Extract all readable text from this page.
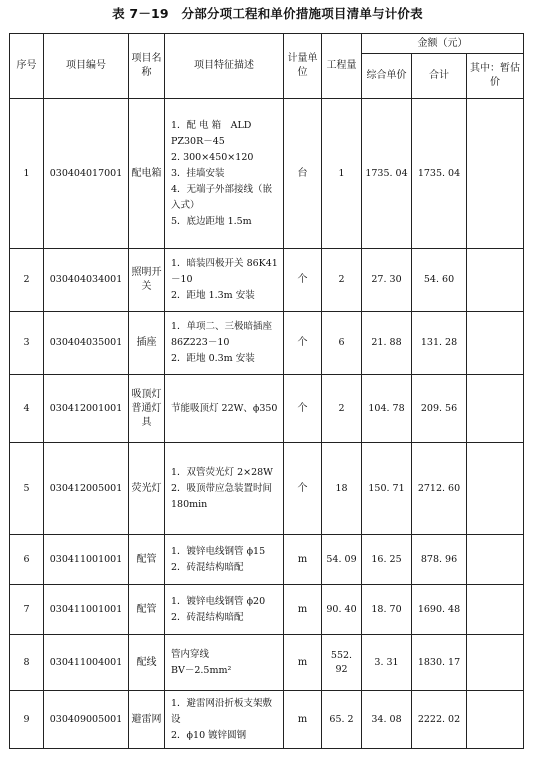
表 7－19　分部分项工程和单价措施项目清单与计价表
序号	项目编号	项目名称	项目特征描述	计量单位	工程量	金额（元）		
						综合单价	合计	其中：暂估价
1	030404017001	配电箱	1．配 电 箱　ALD PZ30R－45
2. 300×450×120
3．挂墙安装
4．无端子外部接线（嵌入式）
5．底边距地 1.5m	台	1	1735. 04	1735. 04	
2	030404034001	照明开关	1．暗装四极开关 86K41－10
2．距地 1.3m 安装	个	2	27. 30	54. 60	
3	030404035001	插座	1．单项二、三极暗插座 86Z223－10
2．距地 0.3m 安装	个	6	21. 88	131. 28	
4	030412001001	吸顶灯普通灯具	节能吸顶灯 22W、ϕ350	个	2	104. 78	209. 56	
5	030412005001	荧光灯	1．双管荧光灯 2×28W
2．吸顶带应急装置时间 180min	个	18	150. 71	2712. 60	
6	030411001001	配管	1．镀锌电线钢管 ϕ15
2．砖混结构暗配	m	54. 09	16. 25	878. 96	
7	030411001001	配管	1．镀锌电线钢管 ϕ20
2．砖混结构暗配	m	90. 40	18. 70	1690. 48	
8	030411004001	配线	管内穿线
BV－2.5mm²	m	552. 92	3. 31	1830. 17	
9	030409005001	避雷网	1．避雷网沿折板支架敷设
2．ϕ10 镀锌圆钢	m	65. 2	34. 08	2222. 02	
